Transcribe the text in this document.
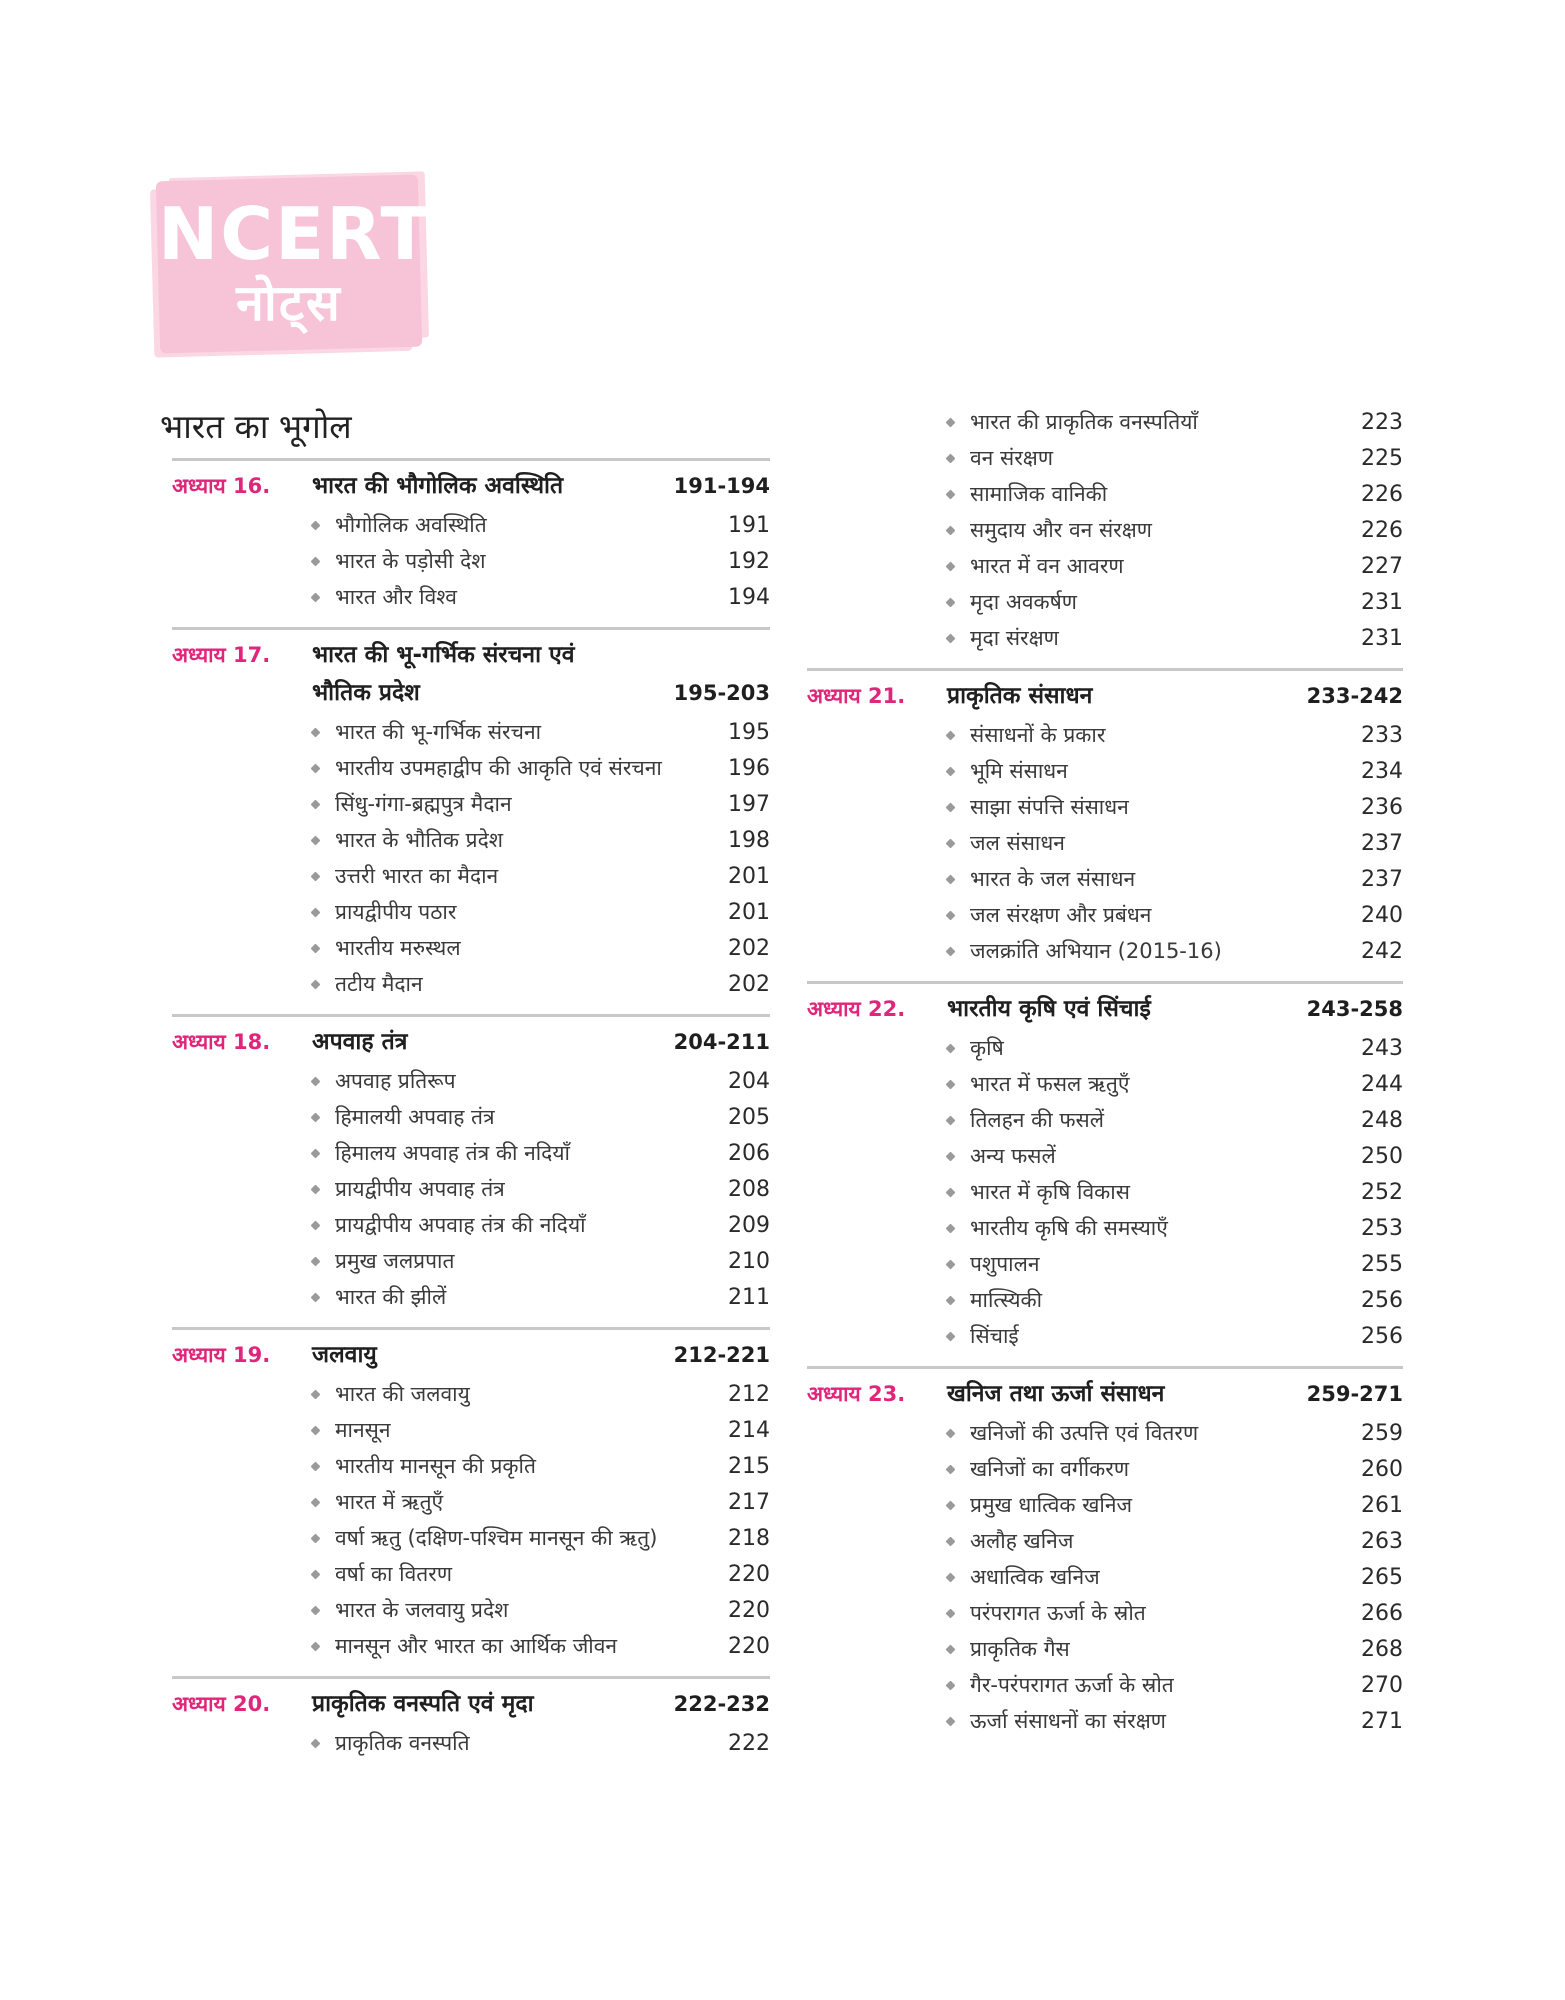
NCERT
नोट्स
भारत का भूगोल
अध्याय 16.	भारत की भौगोलिक अवस्थिति	191-194
भौगोलिक अवस्थिति	191
भारत के पड़ोसी देश	192
भारत और विश्व	194
अध्याय 17.	भारत की भू-गर्भिक संरचना एवं
भौतिक प्रदेश	195-203
भारत की भू-गर्भिक संरचना	195
भारतीय उपमहाद्वीप की आकृति एवं संरचना	196
सिंधु-गंगा-ब्रह्मपुत्र मैदान	197
भारत के भौतिक प्रदेश	198
उत्तरी भारत का मैदान	201
प्रायद्वीपीय पठार	201
भारतीय मरुस्थल	202
तटीय मैदान	202
अध्याय 18.	अपवाह तंत्र	204-211
अपवाह प्रतिरूप	204
हिमालयी अपवाह तंत्र	205
हिमालय अपवाह तंत्र की नदियाँ	206
प्रायद्वीपीय अपवाह तंत्र	208
प्रायद्वीपीय अपवाह तंत्र की नदियाँ	209
प्रमुख जलप्रपात	210
भारत की झीलें	211
अध्याय 19.	जलवायु	212-221
भारत की जलवायु	212
मानसून	214
भारतीय मानसून की प्रकृति	215
भारत में ऋतुएँ	217
वर्षा ऋतु (दक्षिण-पश्चिम मानसून की ऋतु)	218
वर्षा का वितरण	220
भारत के जलवायु प्रदेश	220
मानसून और भारत का आर्थिक जीवन	220
अध्याय 20.	प्राकृतिक वनस्पति एवं मृदा	222-232
प्राकृतिक वनस्पति	222
भारत की प्राकृतिक वनस्पतियाँ	223
वन संरक्षण	225
सामाजिक वानिकी	226
समुदाय और वन संरक्षण	226
भारत में वन आवरण	227
मृदा अवकर्षण	231
मृदा संरक्षण	231
अध्याय 21.	प्राकृतिक संसाधन	233-242
संसाधनों के प्रकार	233
भूमि संसाधन	234
साझा संपत्ति संसाधन	236
जल संसाधन	237
भारत के जल संसाधन	237
जल संरक्षण और प्रबंधन	240
जलक्रांति अभियान (2015-16)	242
अध्याय 22.	भारतीय कृषि एवं सिंचाई	243-258
कृषि	243
भारत में फसल ऋतुएँ	244
तिलहन की फसलें	248
अन्य फसलें	250
भारत में कृषि विकास	252
भारतीय कृषि की समस्याएँ	253
पशुपालन	255
मात्स्यिकी	256
सिंचाई	256
अध्याय 23.	खनिज तथा ऊर्जा संसाधन	259-271
खनिजों की उत्पत्ति एवं वितरण	259
खनिजों का वर्गीकरण	260
प्रमुख धात्विक खनिज	261
अलौह खनिज	263
अधात्विक खनिज	265
परंपरागत ऊर्जा के स्रोत	266
प्राकृतिक गैस	268
गैर-परंपरागत ऊर्जा के स्रोत	270
ऊर्जा संसाधनों का संरक्षण	271
